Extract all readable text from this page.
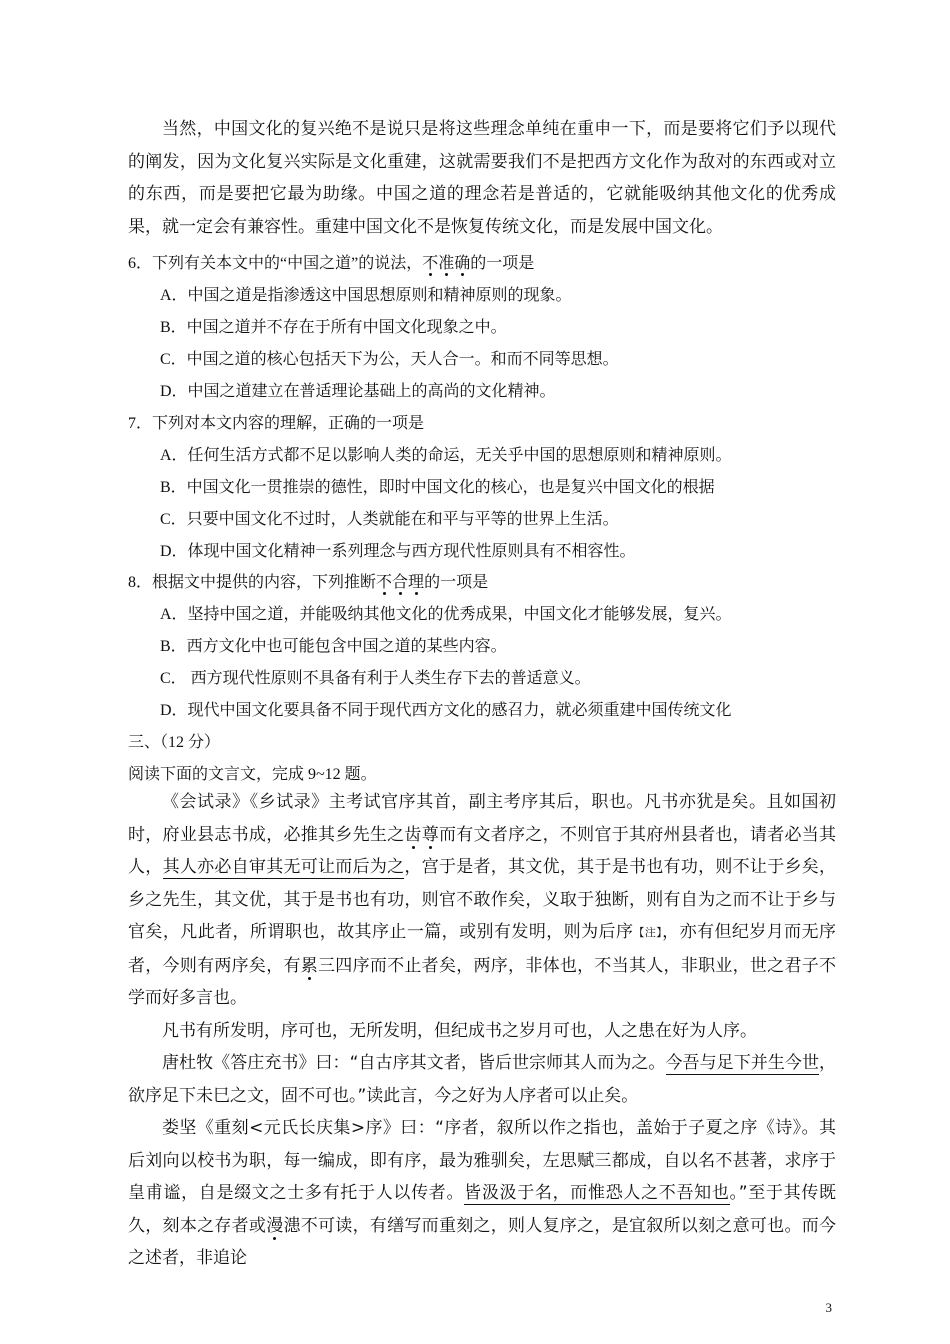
当然，中国文化的复兴绝不是说只是将这些理念单纯在重申一下，而是要将它们予以现代的阐发，因为文化复兴实际是文化重建，这就需要我们不是把西方文化作为敌对的东西或对立的东西，而是要把它最为助缘。中国之道的理念若是普适的，它就能吸纳其他文化的优秀成果，就一定会有兼容性。重建中国文化不是恢复传统文化，而是发展中国文化。

6．下列有关本文中的“中国之道”的说法，不准确的一项是

A．中国之道是指渗透这中国思想原则和精神原则的现象。

B．中国之道并不存在于所有中国文化现象之中。

C．中国之道的核心包括天下为公，天人合一。和而不同等思想。

D．中国之道建立在普适理论基础上的高尚的文化精神。

7．下列对本文内容的理解，正确的一项是

A．任何生活方式都不足以影响人类的命运，无关乎中国的思想原则和精神原则。

B．中国文化一贯推崇的德性，即时中国文化的核心，也是复兴中国文化的根据

C．只要中国文化不过时，人类就能在和平与平等的世界上生活。

D．体现中国文化精神一系列理念与西方现代性原则具有不相容性。

8．根据文中提供的内容，下列推断不合理的一项是

A．坚持中国之道，并能吸纳其他文化的优秀成果，中国文化才能够发展，复兴。

B．西方文化中也可能包含中国之道的某些内容。

C． 西方现代性原则不具备有利于人类生存下去的普适意义。

D．现代中国文化要具备不同于现代西方文化的感召力，就必须重建中国传统文化

三、（12 分）

阅读下面的文言文，完成 9~12 题。

《会试录》《乡试录》主考试官序其首，副主考序其后，职也。凡书亦犹是矣。且如国初时，府业县志书成，必推其乡先生之齿尊而有文者序之，不则官于其府州县者也，请者必当其人，其人亦必自审其无可让而后为之，宫于是者，其文优，其于是书也有功，则不让于乡矣，乡之先生，其文优，其于是书也有功，则官不敢作矣，义取于独断，则有自为之而不让于乡与官矣，凡此者，所谓职也，故其序止一篇，或别有发明，则为后序【注】，亦有但纪岁月而无序者，今则有两序矣，有累三四序而不止者矣，两序，非体也，不当其人，非职业，世之君子不学而好多言也。

凡书有所发明，序可也，无所发明，但纪成书之岁月可也，人之患在好为人序。

唐杜牧《答庄充书》曰：“自古序其文者，皆后世宗师其人而为之。今吾与足下并生今世，欲序足下未巳之文，固不可也。”读此言，今之好为人序者可以止矣。

娄坚《重刻<元氏长庆集>序》曰：“序者，叙所以作之指也，盖始于子夏之序《诗》。其后刘向以校书为职，每一编成，即有序，最为雅驯矣，左思赋三都成，自以名不甚著，求序于皇甫谧，自是缀文之士多有托于人以传者。皆汲汲于名，而惟恐人之不吾知也。”至于其传既久，刻本之存者或漫漶不可读，有缮写而重刻之，则人复序之，是宜叙所以刻之意可也。而今之述者，非追论

3
